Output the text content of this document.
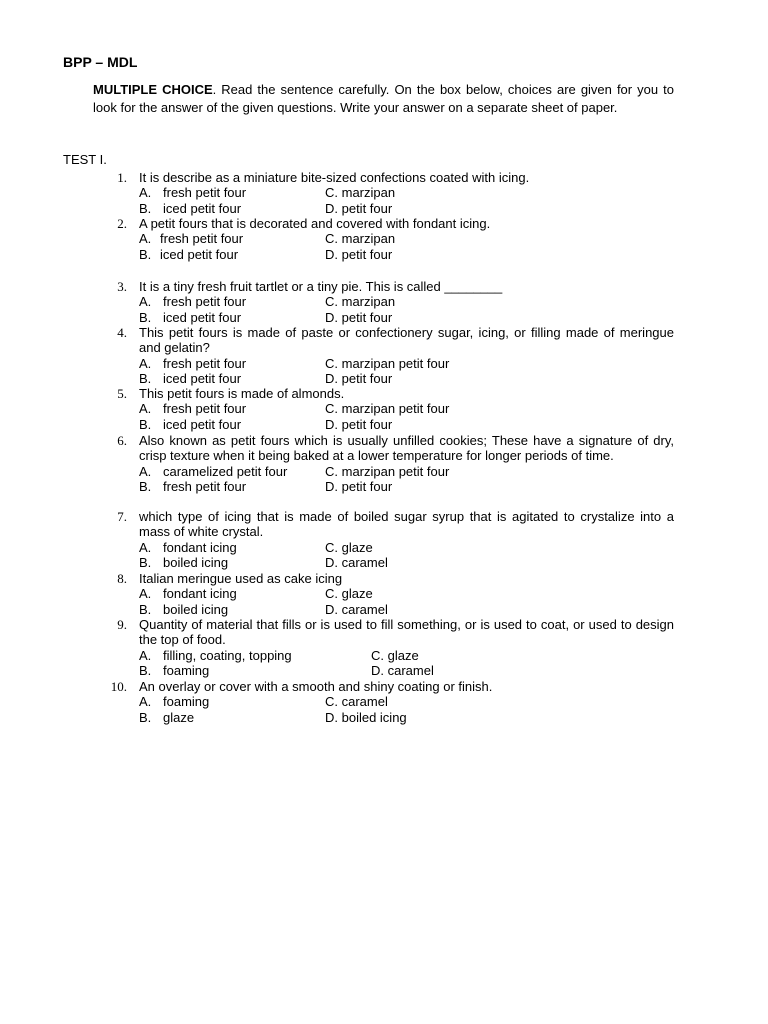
BPP – MDL
MULTIPLE CHOICE. Read the sentence carefully. On the box below, choices are given for you to look for the answer of the given questions. Write your answer on a separate sheet of paper.
TEST I.
1. It is describe as a miniature bite-sized confections coated with icing.
A. fresh petit four	C. marzipan
B. iced petit four	D. petit four
2. A petit fours that is decorated and covered with fondant icing.
A. fresh petit four	C. marzipan
B. iced petit four	D. petit four
3. It is a tiny fresh fruit tartlet or a tiny pie. This is called ________
A. fresh petit four	C. marzipan
B. iced petit four	D. petit four
4. This petit fours is made of paste or confectionery sugar, icing, or filling made of meringue and gelatin?
A. fresh petit four	C. marzipan petit four
B. iced petit four	D. petit four
5. This petit fours is made of almonds.
A. fresh petit four	C. marzipan petit four
B. iced petit four	D. petit four
6. Also known as petit fours which is usually unfilled cookies; These have a signature of dry, crisp texture when it being baked at a lower temperature for longer periods of time.
A. caramelized petit four	C. marzipan petit four
B. fresh petit four	D. petit four
7. which type of icing that is made of boiled sugar syrup that is agitated to crystalize into a mass of white crystal.
A. fondant icing	C. glaze
B. boiled icing	D. caramel
8. Italian meringue used as cake icing
A. fondant icing	C. glaze
B. boiled icing	D. caramel
9. Quantity of material that fills or is used to fill something, or is used to coat, or used to design the top of food.
A. filling, coating, topping	C. glaze
B. foaming	D. caramel
10. An overlay or cover with a smooth and shiny coating or finish.
A. foaming	C. caramel
B. glaze	D. boiled icing
